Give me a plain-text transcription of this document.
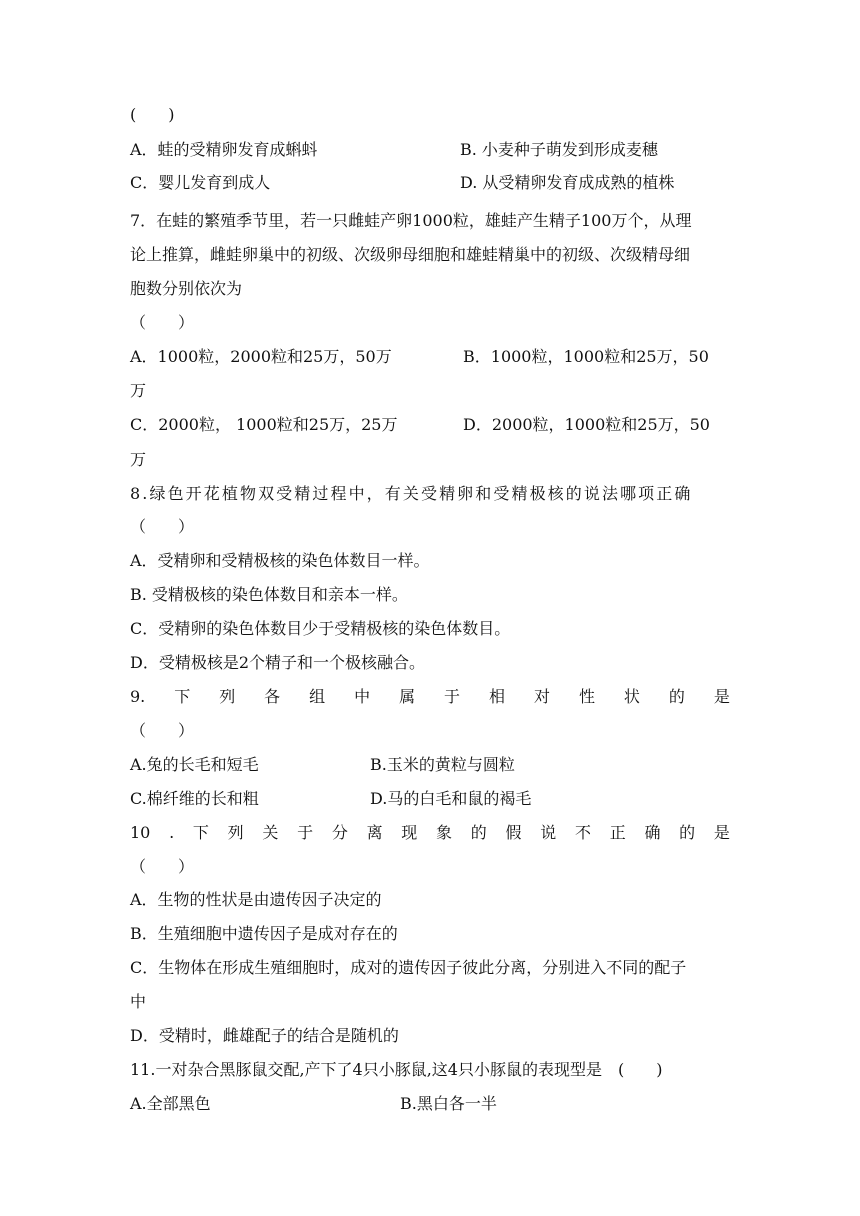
(　　)
A．蛙的受精卵发育成蝌蚪	B. 小麦种子萌发到形成麦穗
C．婴儿发育到成人	D. 从受精卵发育成成熟的植株
7．在蛙的繁殖季节里，若一只雌蛙产卵1000粒，雄蛙产生精子100万个，从理
论上推算，雌蛙卵巢中的初级、次级卵母细胞和雄蛙精巢中的初级、次级精母细
胞数分别依次为
（　　）
A．1000粒，2000粒和25万，50万	B．1000粒，1000粒和25万，50
万
C．2000粒， 1000粒和25万，25万	D．2000粒，1000粒和25万，50
万
8.绿色开花植物双受精过程中，有关受精卵和受精极核的说法哪项正确
（　　）
A．受精卵和受精极核的染色体数目一样。
B. 受精极核的染色体数目和亲本一样。
C．受精卵的染色体数目少于受精极核的染色体数目。
D．受精极核是2个精子和一个极核融合。
9. 下 列 各 组 中 属 于 相 对 性 状 的 是
（　　）
A.兔的长毛和短毛	B.玉米的黄粒与圆粒
C.棉纤维的长和粗	D.马的白毛和鼠的褐毛
10 . 下 列 关 于 分 离 现 象 的 假 说 不 正 确 的 是
（　　）
A．生物的性状是由遗传因子决定的
B．生殖细胞中遗传因子是成对存在的
C．生物体在形成生殖细胞时，成对的遗传因子彼此分离，分别进入不同的配子
中
D．受精时，雌雄配子的结合是随机的
11.一对杂合黑豚鼠交配,产下了4只小豚鼠,这4只小豚鼠的表现型是　(　　)
A.全部黑色	B.黑白各一半
